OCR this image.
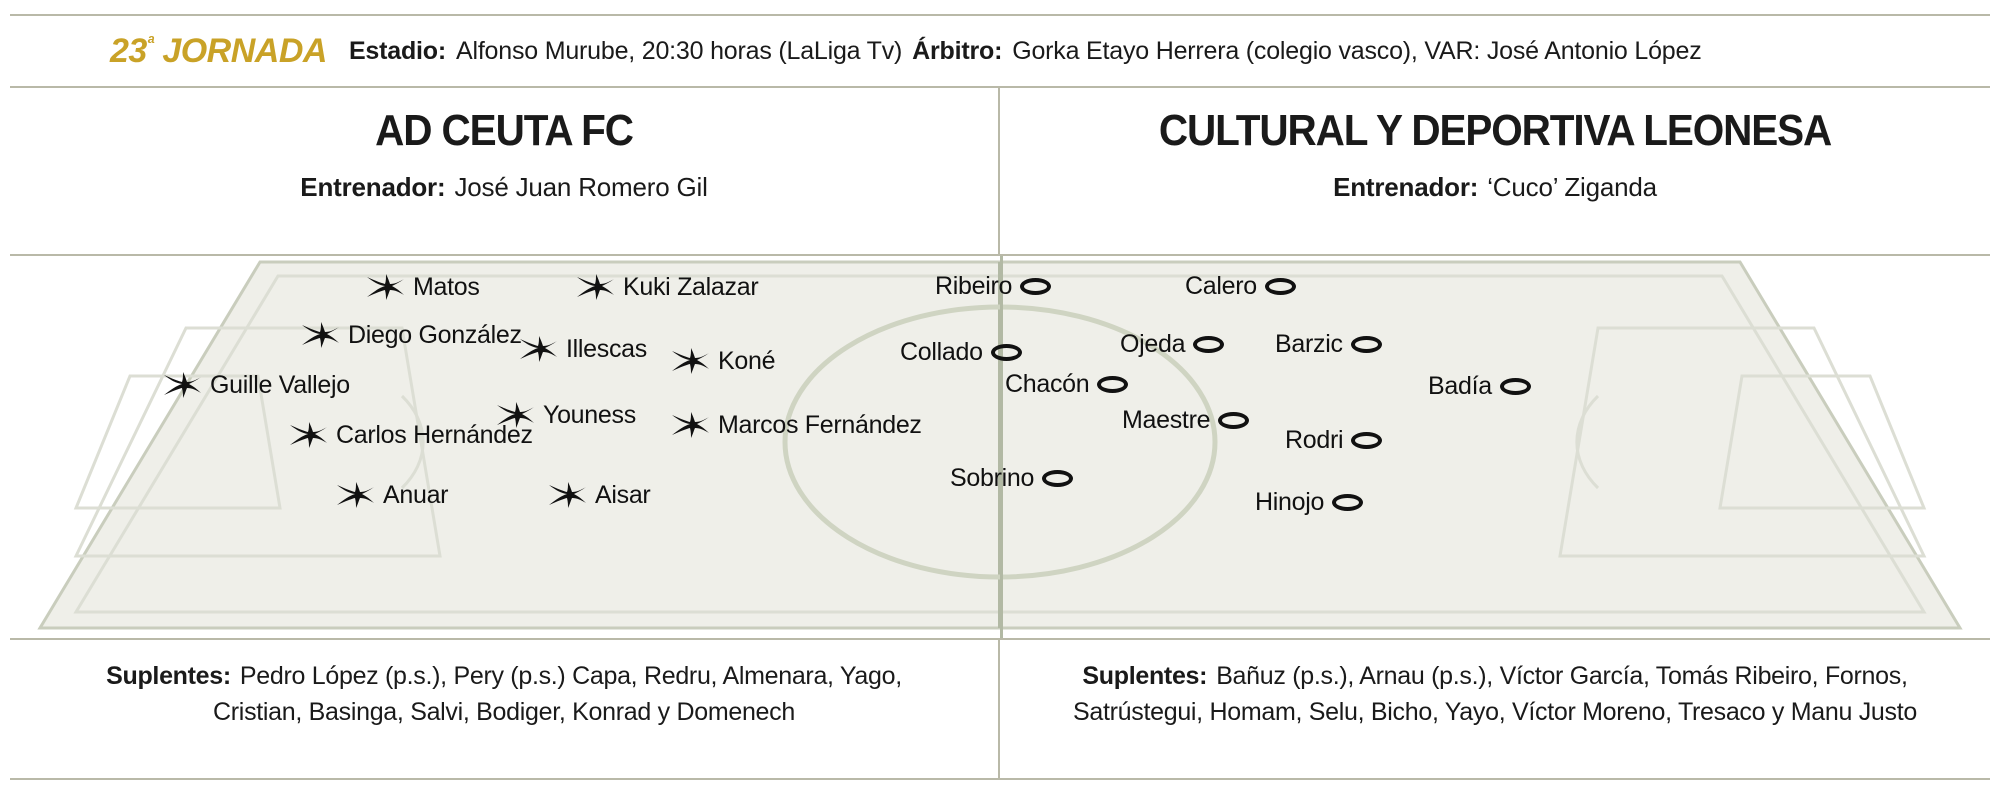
$23^ª$ JORNADA Estadio: Alfonso Murube, 20:30 horas (LaLiga Tv) Árbitro: Gorka Etayo Herrera (colegio vasco), VAR: José Antonio López
AD CEUTA FC
Entrenador: José Juan Romero Gil
CULTURAL Y DEPORTIVA LEONESA
Entrenador: ‘Cuco’ Ziganda
Matos	Kuki Zalazar
Diego González Illescas	Koné
Guille Vallejo
Youness
Carlos Hernández	Marcos Fernández
Anuar	Aisar
Ribeiro	Calero
Ojeda	Barzic
Collado
Chacón	Badía
Maestre
Rodri
Sobrino
Hinojo
Suplentes: Pedro López (p.s.), Pery (p.s.) Capa, Redru, Almenara, Yago,
Cristian, Basinga, Salvi, Bodiger, Konrad y Domenech
Suplentes: Bañuz (p.s.), Arnau (p.s.), Víctor García, Tomás Ribeiro, Fornos,
Satrústegui, Homam, Selu, Bicho, Yayo, Víctor Moreno, Tresaco y Manu Justo
